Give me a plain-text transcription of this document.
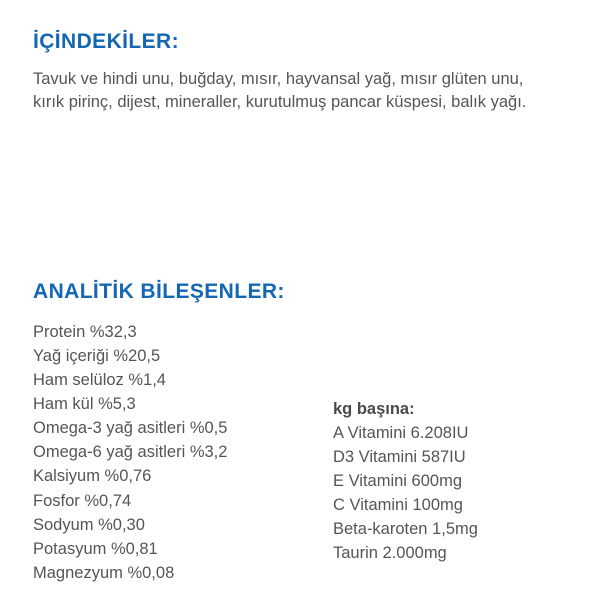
İÇİNDEKİLER:

Tavuk ve hindi unu, buğday, mısır, hayvansal yağ, mısır glüten unu, kırık pirinç, dijest, mineraller, kurutulmuş pancar küspesi, balık yağı.

ANALİTİK BİLEŞENLER:
Protein %32,3
Yağ içeriği %20,5
Ham selüloz %1,4
Ham kül %5,3
Omega-3 yağ asitleri %0,5
Omega-6 yağ asitleri %3,2
Kalsiyum %0,76
Fosfor %0,74
Sodyum %0,30
Potasyum %0,81
Magnezyum %0,08

kg başına:

A Vitamini 6.208IU
D3 Vitamini 587IU
E Vitamini 600mg
C Vitamini 100mg
Beta-karoten 1,5mg
Taurin 2.000mg
